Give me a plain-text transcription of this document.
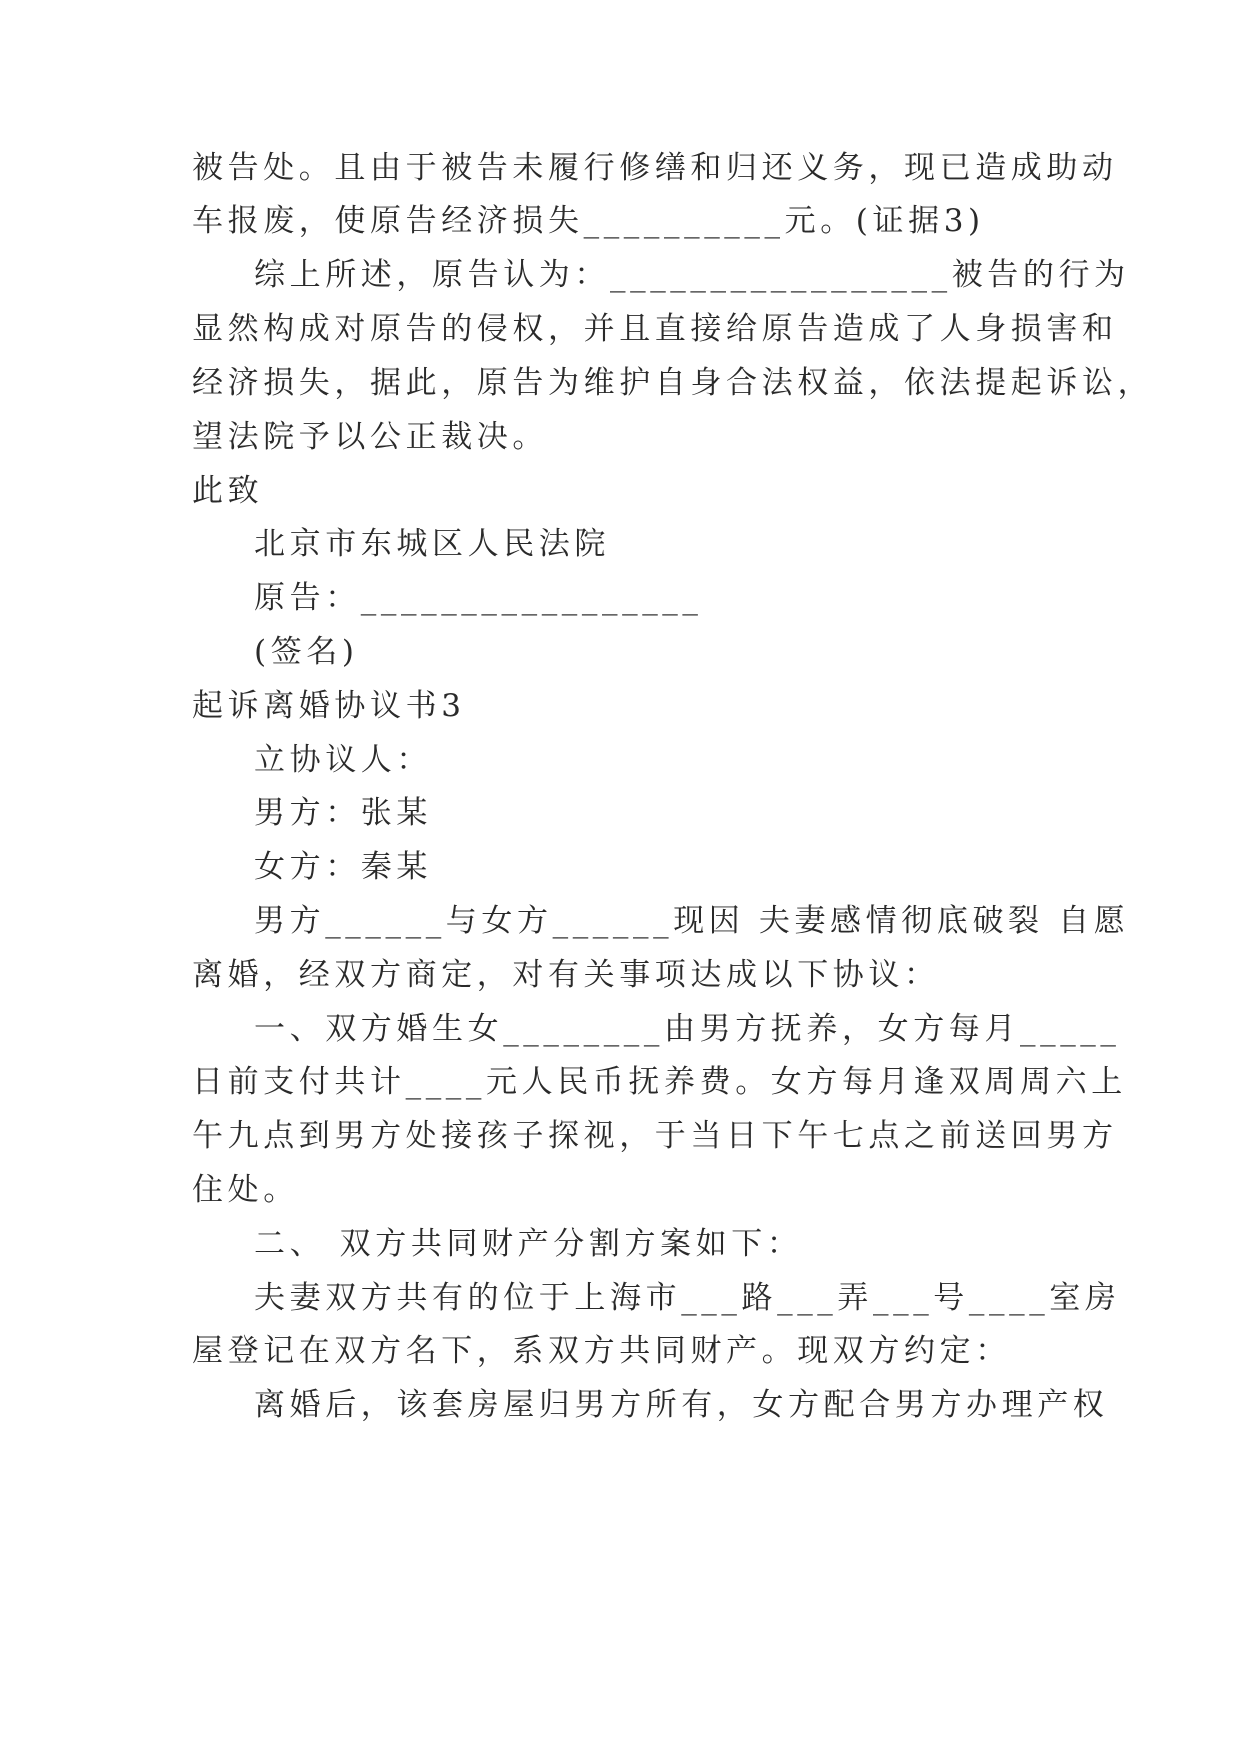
被告处。且由于被告未履行修缮和归还义务，现已造成助动
车报废，使原告经济损失__________元。(证据3)
综上所述，原告认为：_________________被告的行为
显然构成对原告的侵权，并且直接给原告造成了人身损害和
经济损失，据此，原告为维护自身合法权益，依法提起诉讼，
望法院予以公正裁决。
此致
北京市东城区人民法院
原告：_________________
(签名)
起诉离婚协议书3
立协议人：
男方：张某
女方：秦某
男方______与女方______现因 夫妻感情彻底破裂 自愿
离婚，经双方商定，对有关事项达成以下协议：
一、双方婚生女________由男方抚养，女方每月_____
日前支付共计____元人民币抚养费。女方每月逢双周周六上
午九点到男方处接孩子探视，于当日下午七点之前送回男方
住处。
二、 双方共同财产分割方案如下：
夫妻双方共有的位于上海市___路___弄___号____室房
屋登记在双方名下，系双方共同财产。现双方约定：
离婚后，该套房屋归男方所有，女方配合男方办理产权
